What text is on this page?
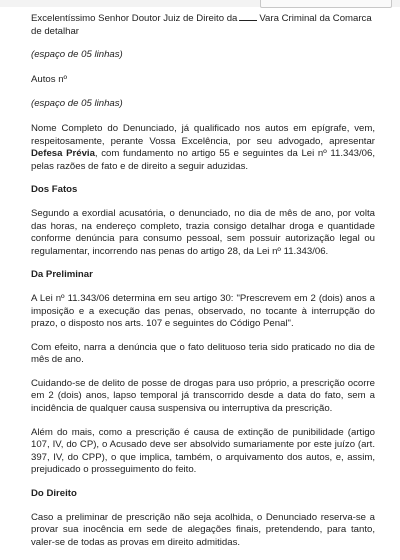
Excelentíssimo Senhor Doutor Juiz de Direito da Vara Criminal da Comarca de detalhar

(espaço de 05 linhas)

Autos nº

(espaço de 05 linhas)

Nome Completo do Denunciado, já qualificado nos autos em epígrafe, vem, respeitosamente, perante Vossa Excelência, por seu advogado, apresentar Defesa Prévia, com fundamento no artigo 55 e seguintes da Lei nº 11.343/06, pelas razões de fato e de direito a seguir aduzidas.

Dos Fatos

Segundo a exordial acusatória, o denunciado, no dia de mês de ano, por volta das horas, na endereço completo, trazia consigo detalhar droga e quantidade conforme denúncia para consumo pessoal, sem possuir autorização legal ou regulamentar, incorrendo nas penas do artigo 28, da Lei nº 11.343/06.

Da Preliminar

A Lei nº 11.343/06 determina em seu artigo 30: "Prescrevem em 2 (dois) anos a imposição e a execução das penas, observado, no tocante à interrupção do prazo, o disposto nos arts. 107 e seguintes do Código Penal".

Com efeito, narra a denúncia que o fato delituoso teria sido praticado no dia de mês de ano.

Cuidando-se de delito de posse de drogas para uso próprio, a prescrição ocorre em 2 (dois) anos, lapso temporal já transcorrido desde a data do fato, sem a incidência de qualquer causa suspensiva ou interruptiva da prescrição.

Além do mais, como a prescrição é causa de extinção de punibilidade (artigo 107, IV, do CP), o Acusado deve ser absolvido sumariamente por este juízo (art. 397, IV, do CPP), o que implica, também, o arquivamento dos autos, e, assim, prejudicado o prosseguimento do feito.

Do Direito

Caso a preliminar de prescrição não seja acolhida, o Denunciado reserva-se a provar sua inocência em sede de alegações finais, pretendendo, para tanto, valer-se de todas as provas em direito admitidas.
